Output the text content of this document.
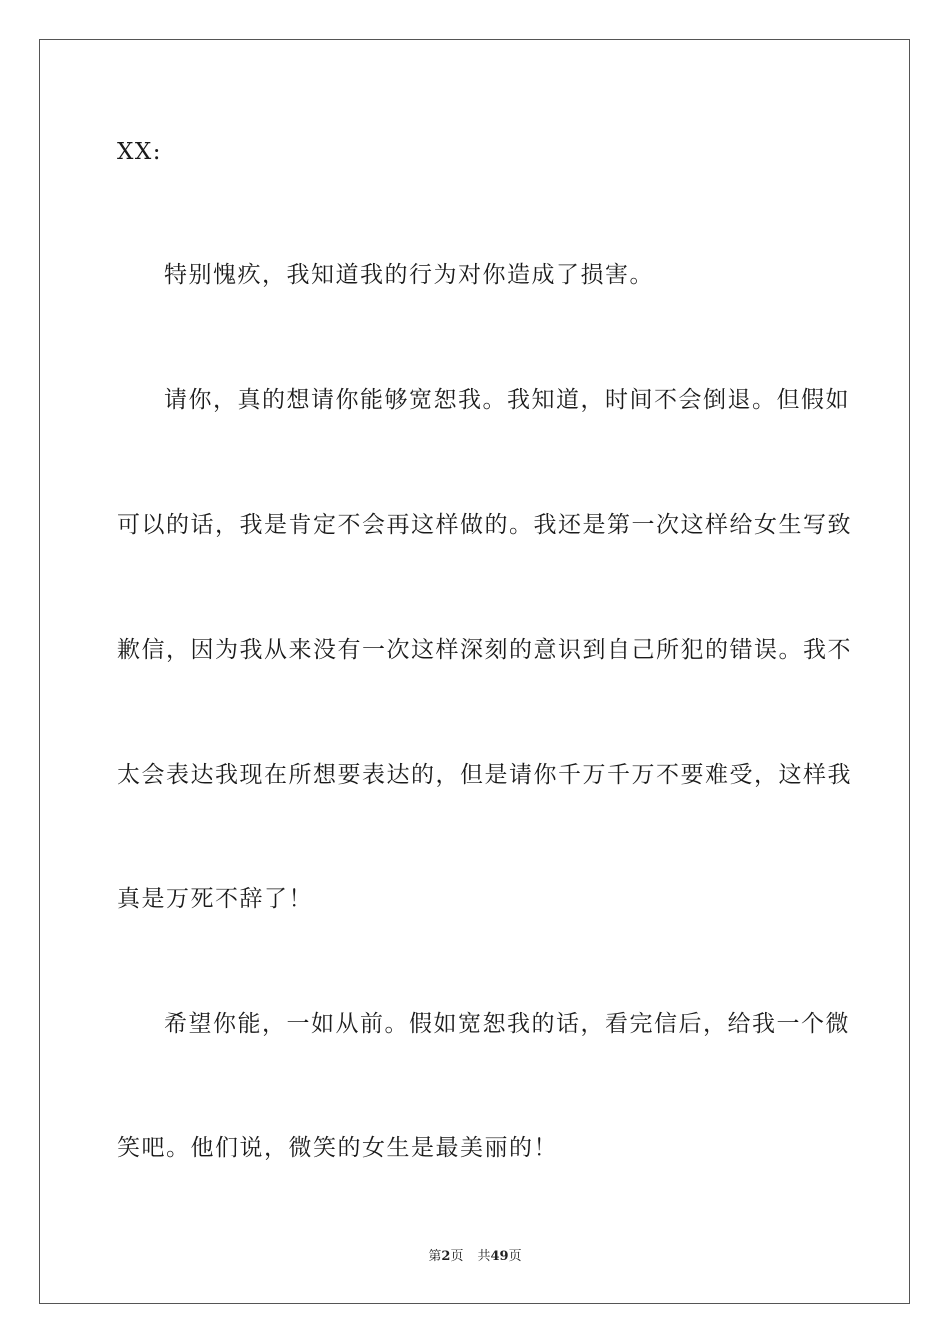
XX:
特别愧疚，我知道我的行为对你造成了损害。
请你，真的想请你能够宽恕我。我知道，时间不会倒退。但假如
可以的话，我是肯定不会再这样做的。我还是第一次这样给女生写致
歉信，因为我从来没有一次这样深刻的意识到自己所犯的错误。我不
太会表达我现在所想要表达的，但是请你千万千万不要难受，这样我
真是万死不辞了！
希望你能，一如从前。假如宽恕我的话，看完信后，给我一个微
笑吧。他们说，微笑的女生是最美丽的！
第2页 共49页
